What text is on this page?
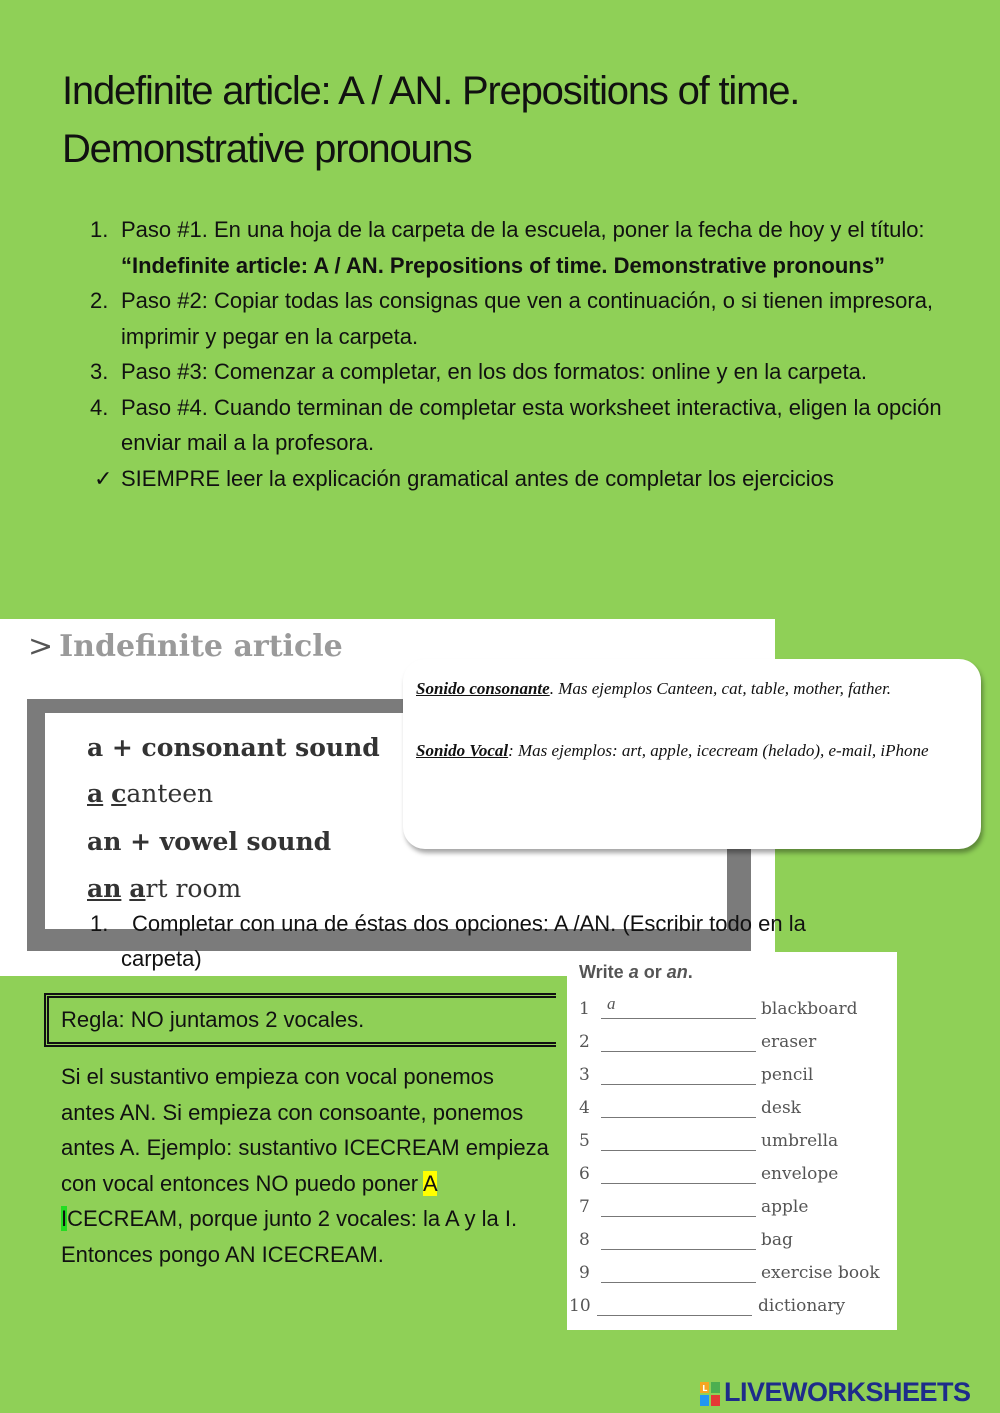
Indefinite article: A / AN. Prepositions of time.
Demonstrative pronouns
1. Paso #1. En una hoja de la carpeta de la escuela, poner la fecha de hoy y el título: “Indefinite article: A / AN. Prepositions of time. Demonstrative pronouns”
2. Paso #2: Copiar todas las consignas que ven a continuación, o si tienen impresora, imprimir y pegar en la carpeta.
3. Paso #3: Comenzar a completar, en los dos formatos: online y en la carpeta.
4. Paso #4. Cuando terminan de completar esta worksheet interactiva, eligen la opción enviar mail a la profesora.
✓ SIEMPRE leer la explicación gramatical antes de completar los ejercicios
> Indefinite article
a + consonant sound
a canteen
an + vowel sound
an art room

Sonido consonante. Mas ejemplos Canteen, cat, table, mother, father.

Sonido Vocal: Mas ejemplos: art, apple, icecream (helado), e-mail, iPhone

1.	Completar con una de éstas dos opciones: A /AN. (Escribir todo en la
carpeta)
Regla: NO juntamos 2 vocales.
Si el sustantivo empieza con vocal ponemos antes AN. Si empieza con consoante, ponemos antes A. Ejemplo: sustantivo ICECREAM empieza con vocal entonces NO puedo poner A ICECREAM, porque junto 2 vocales: la A y la I. Entonces pongo AN ICECREAM.
Write a or an.
1	a	blackboard
2	eraser
3	pencil
4	desk
5	umbrella
6	envelope
7	apple
8	bag
9	exercise book
10	dictionary
L LIVEWORKSHEETS
